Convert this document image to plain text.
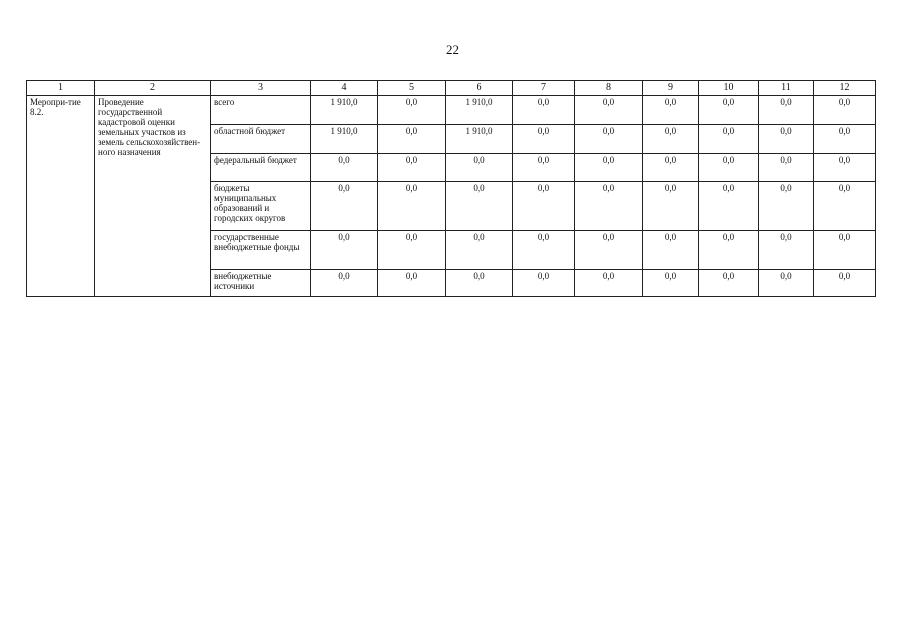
22
1	2	3	4	5	6	7	8	9	10	11	12
Меропри-тие 8.2.	Проведение государственной кадастровой оценки земельных участков из земель сельскохозяйствен-ного назначения	всего	1 910,0	0,0	1 910,0	0,0	0,0	0,0	0,0	0,0	0,0
		областной бюджет	1 910,0	0,0	1 910,0	0,0	0,0	0,0	0,0	0,0	0,0
		федеральный бюджет	0,0	0,0	0,0	0,0	0,0	0,0	0,0	0,0	0,0
		бюджеты муниципальных образований и городских округов	0,0	0,0	0,0	0,0	0,0	0,0	0,0	0,0	0,0
		государственные внебюджетные фонды	0,0	0,0	0,0	0,0	0,0	0,0	0,0	0,0	0,0
		внебюджетные источники	0,0	0,0	0,0	0,0	0,0	0,0	0,0	0,0	0,0
